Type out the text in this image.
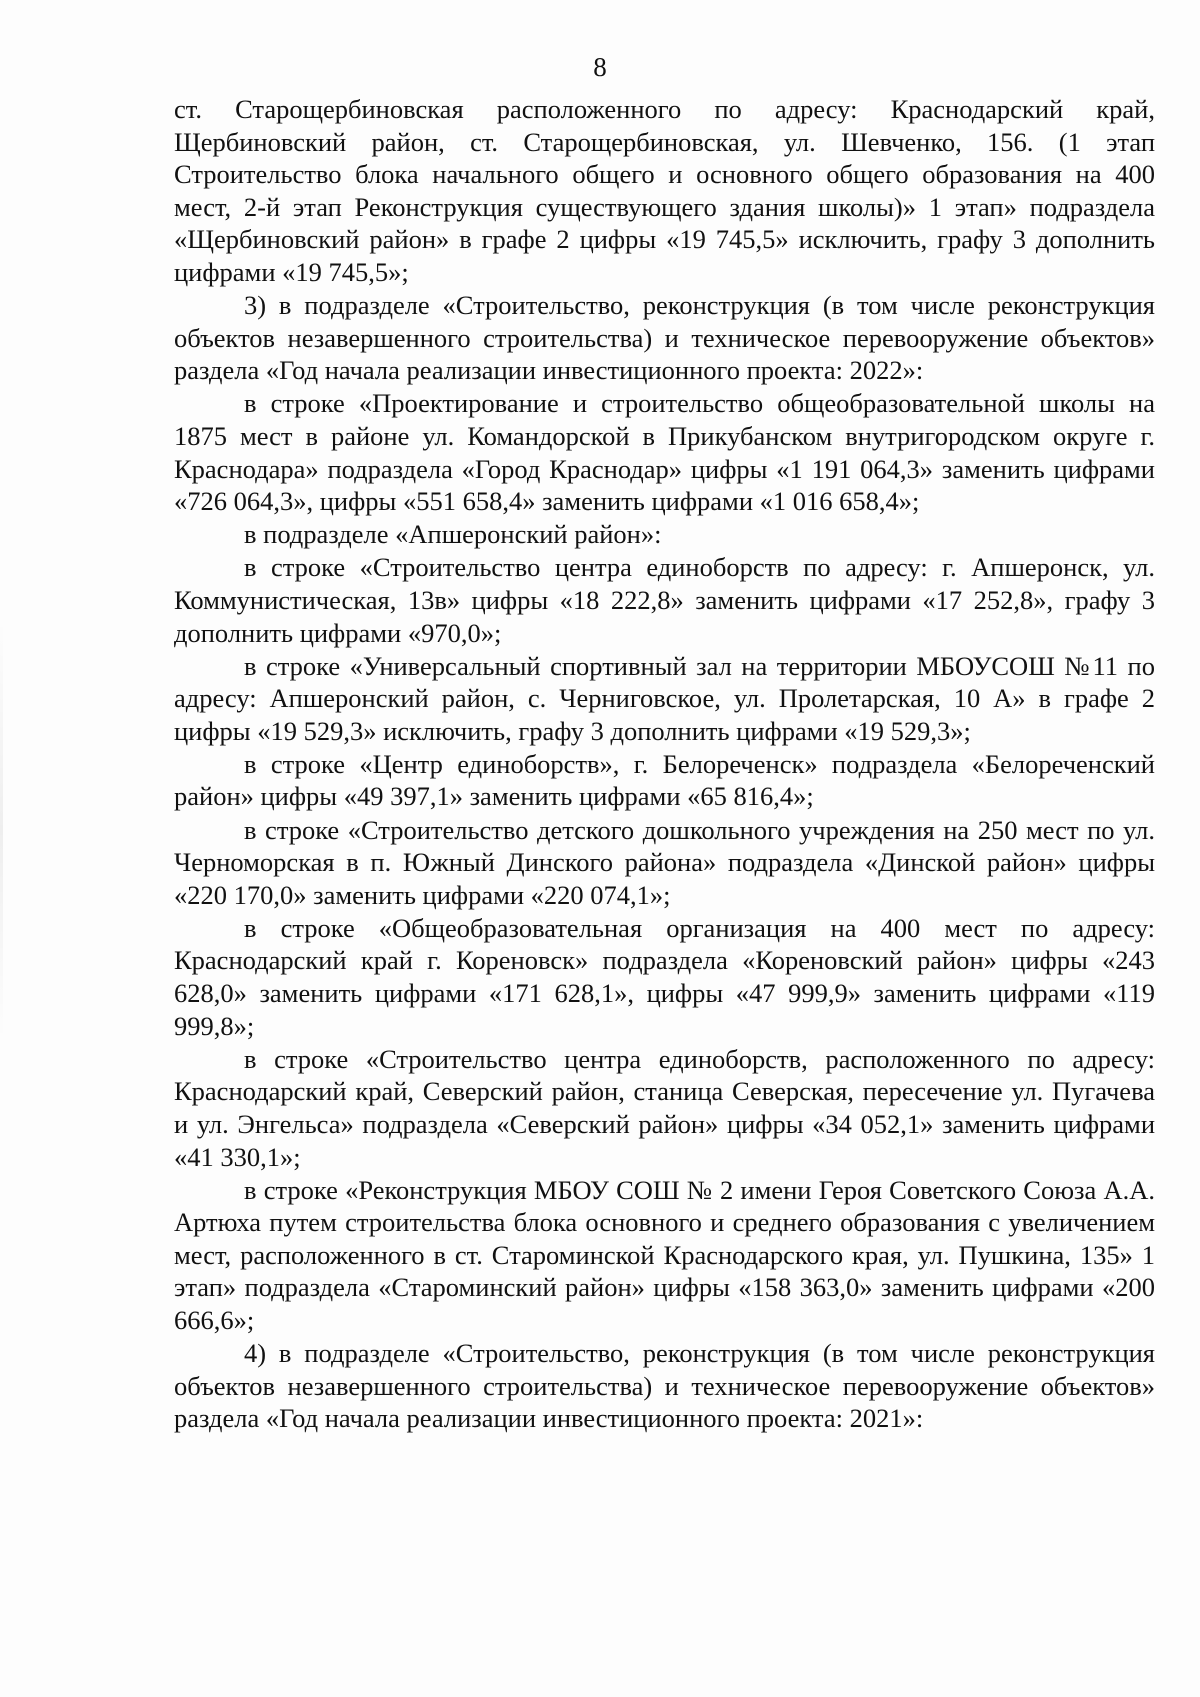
8

ст. Старощербиновская расположенного по адресу: Краснодарский край, Щербиновский район, ст. Старощербиновская, ул. Шевченко, 156. (1 этап Строительство блока начального общего и основного общего образования на 400 мест, 2-й этап Реконструкция существующего здания школы)» 1 этап» подраздела «Щербиновский район» в графе 2 цифры «19 745,5» исключить, графу 3 дополнить цифрами «19 745,5»;

3) в подразделе «Строительство, реконструкция (в том числе реконструкция объектов незавершенного строительства) и техническое перевооружение объектов» раздела «Год начала реализации инвестиционного проекта: 2022»:

в строке «Проектирование и строительство общеобразовательной школы на 1875 мест в районе ул. Командорской в Прикубанском внутригородском округе г. Краснодара» подраздела «Город Краснодар» цифры «1 191 064,3» заменить цифрами «726 064,3», цифры «551 658,4» заменить цифрами «1 016 658,4»;

в подразделе «Апшеронский район»:

в строке «Строительство центра единоборств по адресу: г. Апшеронск, ул. Коммунистическая, 13в» цифры «18 222,8» заменить цифрами «17 252,8», графу 3 дополнить цифрами «970,0»;

в строке «Универсальный спортивный зал на территории МБОУСОШ №11 по адресу: Апшеронский район, с. Черниговское, ул. Пролетарская, 10 А» в графе 2 цифры «19 529,3» исключить, графу 3 дополнить цифрами «19 529,3»;

в строке «Центр единоборств», г. Белореченск» подраздела «Белореченский район» цифры «49 397,1» заменить цифрами «65 816,4»;

в строке «Строительство детского дошкольного учреждения на 250 мест по ул. Черноморская в п. Южный Динского района» подраздела «Динской район» цифры «220 170,0» заменить цифрами «220 074,1»;

в строке «Общеобразовательная организация на 400 мест по адресу: Краснодарский край г. Кореновск» подраздела «Кореновский район» цифры «243 628,0» заменить цифрами «171 628,1», цифры «47 999,9» заменить цифрами «119 999,8»;

в строке «Строительство центра единоборств, расположенного по адресу: Краснодарский край, Северский район, станица Северская, пересечение ул. Пугачева и ул. Энгельса» подраздела «Северский район» цифры «34 052,1» заменить цифрами «41 330,1»;

в строке «Реконструкция МБОУ СОШ № 2 имени Героя Советского Союза А.А. Артюха путем строительства блока основного и среднего образования с увеличением мест, расположенного в ст. Староминской Краснодарского края, ул. Пушкина, 135» 1 этап» подраздела «Староминский район» цифры «158 363,0» заменить цифрами «200 666,6»;

4) в подразделе «Строительство, реконструкция (в том числе реконструкция объектов незавершенного строительства) и техническое перевооружение объектов» раздела «Год начала реализации инвестиционного проекта: 2021»:
